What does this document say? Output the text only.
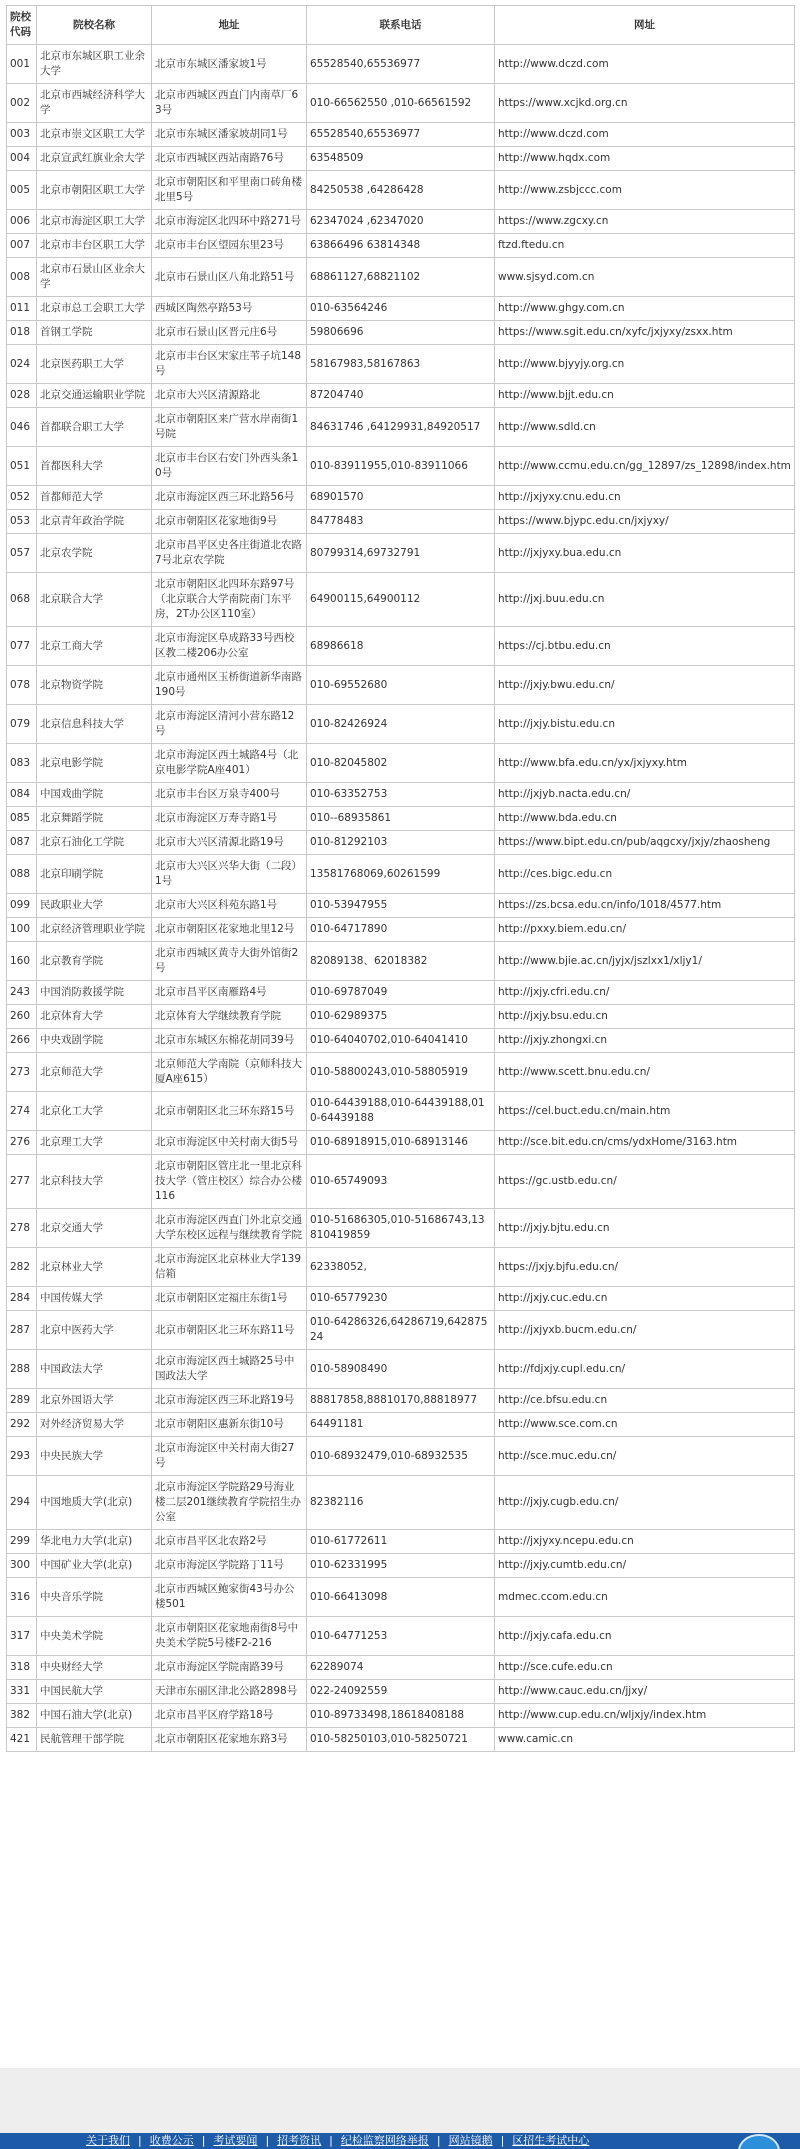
院校代码	院校名称	地址	联系电话	网址
001	北京市东城区职工业余大学	北京市东城区潘家坡1号	65528540,65536977	http://www.dczd.com
002	北京市西城经济科学大学	北京市西城区西直门内南草厂63号	010-66562550 ,010-66561592	https://www.xcjkd.org.cn
003	北京市崇文区职工大学	北京市东城区潘家坡胡同1号	65528540,65536977	http://www.dczd.com
004	北京宣武红旗业余大学	北京市西城区西站南路76号	63548509	http://www.hqdx.com
005	北京市朝阳区职工大学	北京市朝阳区和平里南口砖角楼北里5号	84250538 ,64286428	http://www.zsbjccc.com
006	北京市海淀区职工大学	北京市海淀区北四环中路271号	62347024 ,62347020	https://www.zgcxy.cn
007	北京市丰台区职工大学	北京市丰台区望园东里23号	63866496 63814348	ftzd.ftedu.cn
008	北京市石景山区业余大学	北京市石景山区八角北路51号	68861127,68821102	www.sjsyd.com.cn
011	北京市总工会职工大学	西城区陶然亭路53号	010-63564246	http://www.ghgy.com.cn
018	首钢工学院	北京市石景山区晋元庄6号	59806696	https://www.sgit.edu.cn/xyfc/jxjyxy/zsxx.htm
024	北京医药职工大学	北京市丰台区宋家庄苇子坑148号	58167983,58167863	http://www.bjyyjy.org.cn
028	北京交通运输职业学院	北京市大兴区清源路北	87204740	http://www.bjjt.edu.cn
046	首都联合职工大学	北京市朝阳区来广营水岸南街1号院	84631746 ,64129931,84920517	http://www.sdld.cn
051	首都医科大学	北京市丰台区右安门外西头条10号	010-83911955,010-83911066	http://www.ccmu.edu.cn/gg_12897/zs_12898/index.htm
052	首都师范大学	北京市海淀区西三环北路56号	68901570	http://jxjyxy.cnu.edu.cn
053	北京青年政治学院	北京市朝阳区花家地街9号	84778483	https://www.bjypc.edu.cn/jxjyxy/
057	北京农学院	北京市昌平区史各庄街道北农路7号北京农学院	80799314,69732791	http://jxjyxy.bua.edu.cn
068	北京联合大学	北京市朝阳区北四环东路97号（北京联合大学南院南门东平房，2T办公区110室）	64900115,64900112	http://jxj.buu.edu.cn
077	北京工商大学	北京市海淀区阜成路33号西校区教二楼206办公室	68986618	https://cj.btbu.edu.cn
078	北京物资学院	北京市通州区玉桥街道新华南路190号	010-69552680	http://jxjy.bwu.edu.cn/
079	北京信息科技大学	北京市海淀区清河小营东路12号	010-82426924	http://jxjy.bistu.edu.cn
083	北京电影学院	北京市海淀区西土城路4号（北京电影学院A座401）	010-82045802	http://www.bfa.edu.cn/yx/jxjyxy.htm
084	中国戏曲学院	北京市丰台区万泉寺400号	010-63352753	http://jxjyb.nacta.edu.cn/
085	北京舞蹈学院	北京市海淀区万寿寺路1号	010--68935861	http://www.bda.edu.cn
087	北京石油化工学院	北京市大兴区清源北路19号	010-81292103	https://www.bipt.edu.cn/pub/aqgcxy/jxjy/zhaosheng
088	北京印刷学院	北京市大兴区兴华大街（二段）1号	13581768069,60261599	http://ces.bigc.edu.cn
099	民政职业大学	北京市大兴区科苑东路1号	010-53947955	https://zs.bcsa.edu.cn/info/1018/4577.htm
100	北京经济管理职业学院	北京市朝阳区花家地北里12号	010-64717890	http://pxxy.biem.edu.cn/
160	北京教育学院	北京市西城区黄寺大街外馆街2号	82089138、62018382	http://www.bjie.ac.cn/jyjx/jszlxx1/xljy1/
243	中国消防救援学院	北京市昌平区南雁路4号	010-69787049	http://jxjy.cfri.edu.cn/
260	北京体育大学	北京体育大学继续教育学院	010-62989375	http://jxjy.bsu.edu.cn
266	中央戏剧学院	北京市东城区东棉花胡同39号	010-64040702,010-64041410	http://jxjy.zhongxi.cn
273	北京师范大学	北京师范大学南院（京师科技大厦A座615）	010-58800243,010-58805919	http://www.scett.bnu.edu.cn/
274	北京化工大学	北京市朝阳区北三环东路15号	010-64439188,010-64439188,010-64439188	https://cel.buct.edu.cn/main.htm
276	北京理工大学	北京市海淀区中关村南大街5号	010-68918915,010-68913146	http://sce.bit.edu.cn/cms/ydxHome/3163.htm
277	北京科技大学	北京市朝阳区管庄北一里北京科技大学（管庄校区）综合办公楼116	010-65749093	https://gc.ustb.edu.cn/
278	北京交通大学	北京市海淀区西直门外北京交通大学东校区远程与继续教育学院	010-51686305,010-51686743,13810419859	http://jxjy.bjtu.edu.cn
282	北京林业大学	北京市海淀区北京林业大学139信箱	62338052,	https://jxjy.bjfu.edu.cn/
284	中国传媒大学	北京市朝阳区定福庄东街1号	010-65779230	http://jxjy.cuc.edu.cn
287	北京中医药大学	北京市朝阳区北三环东路11号	010-64286326,64286719,64287524	http://jxjyxb.bucm.edu.cn/
288	中国政法大学	北京市海淀区西土城路25号中国政法大学	010-58908490	http://fdjxjy.cupl.edu.cn/
289	北京外国语大学	北京市海淀区西三环北路19号	88817858,88810170,88818977	http://ce.bfsu.edu.cn
292	对外经济贸易大学	北京市朝阳区惠新东街10号	64491181	http://www.sce.com.cn
293	中央民族大学	北京市海淀区中关村南大街27号	010-68932479,010-68932535	http://sce.muc.edu.cn/
294	中国地质大学(北京)	北京市海淀区学院路29号海业楼二层201继续教育学院招生办公室	82382116	http://jxjy.cugb.edu.cn/
299	华北电力大学(北京)	北京市昌平区北农路2号	010-61772611	http://jxjyxy.ncepu.edu.cn
300	中国矿业大学(北京)	北京市海淀区学院路丁11号	010-62331995	http://jxjy.cumtb.edu.cn/
316	中央音乐学院	北京市西城区鲍家街43号办公楼501	010-66413098	mdmec.ccom.edu.cn
317	中央美术学院	北京市朝阳区花家地南街8号中央美术学院5号楼F2-216	010-64771253	http://jxjy.cafa.edu.cn
318	中央财经大学	北京市海淀区学院南路39号	62289074	http://sce.cufe.edu.cn
331	中国民航大学	天津市东丽区津北公路2898号	022-24092559	http://www.cauc.edu.cn/jjxy/
382	中国石油大学(北京)	北京市昌平区府学路18号	010-89733498,18618408188	http://www.cup.edu.cn/wljxjy/index.htm
421	民航管理干部学院	北京市朝阳区花家地东路3号	010-58250103,010-58250721	www.camic.cn
关于我们 | 收费公示 | 考试要闻 | 招考资讯 | 纪检监察网络举报 | 网站镜鹅 | 区招生考试中心
